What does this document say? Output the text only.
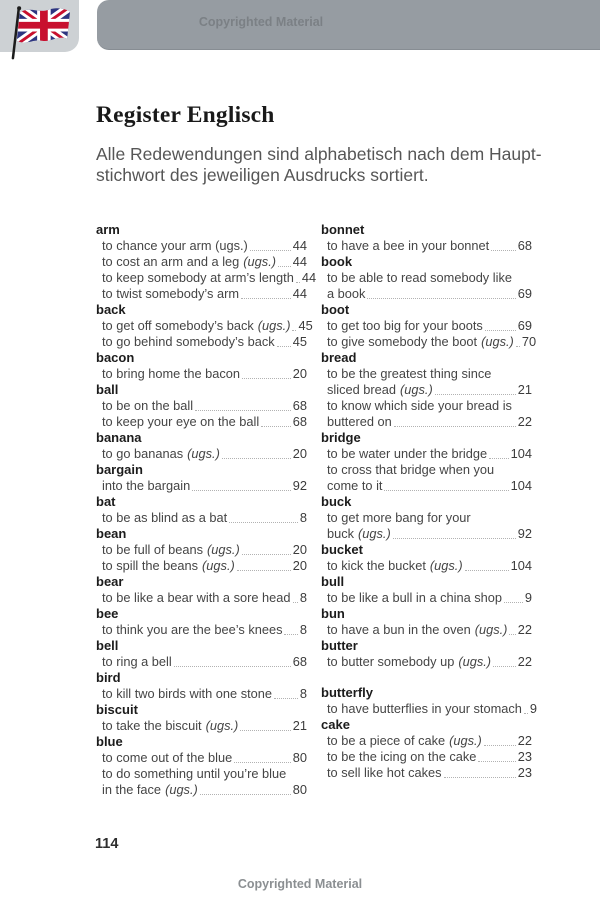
Copyrighted Material
Register Englisch
Alle Redewendungen sind alphabetisch nach dem Haupt-
stichwort des jeweiligen Ausdrucks sortiert.
arm
to chance your arm (ugs.)	44
to cost an arm and a leg (ugs.) 44
to keep somebody at arm’s length 44
to twist somebody’s arm	44
back
to get off somebody’s back (ugs.) 45
to go behind somebody’s back 45
bacon
to bring home the bacon	20
ball
to be on the ball	68
to keep your eye on the ball	68
banana
to go bananas (ugs.)	20
bargain
into the bargain	92
bat
to be as blind as a bat	8
bean
to be full of beans (ugs.)	20
to spill the beans (ugs.)	20
bear
to be like a bear with a sore head 8
bee
to think you are the bee’s knees 8
bell
to ring a bell	68
bird
to kill two birds with one stone 8
biscuit
to take the biscuit (ugs.)	21
blue
to come out of the blue	80
to do something until you’re blue
in the face (ugs.)	80
bonnet
to have a bee in your bonnet 68
book
to be able to read somebody like
a book	69
boot
to get too big for your boots	69
to give somebody the boot (ugs.) 70
bread
to be the greatest thing since
sliced bread (ugs.)	21
to know which side your bread is
buttered on	22
bridge
to be water under the bridge 104
to cross that bridge when you
come to it	104
buck
to get more bang for your
buck (ugs.)	92
bucket
to kick the bucket (ugs.)	104
bull
to be like a bull in a china shop 9
bun
to have a bun in the oven (ugs.) 22
butter
to butter somebody up (ugs.) 22
butterfly
to have butterflies in your stomach 9
cake
to be a piece of cake (ugs.)	22
to be the icing on the cake	23
to sell like hot cakes	23
114
Copyrighted Material
